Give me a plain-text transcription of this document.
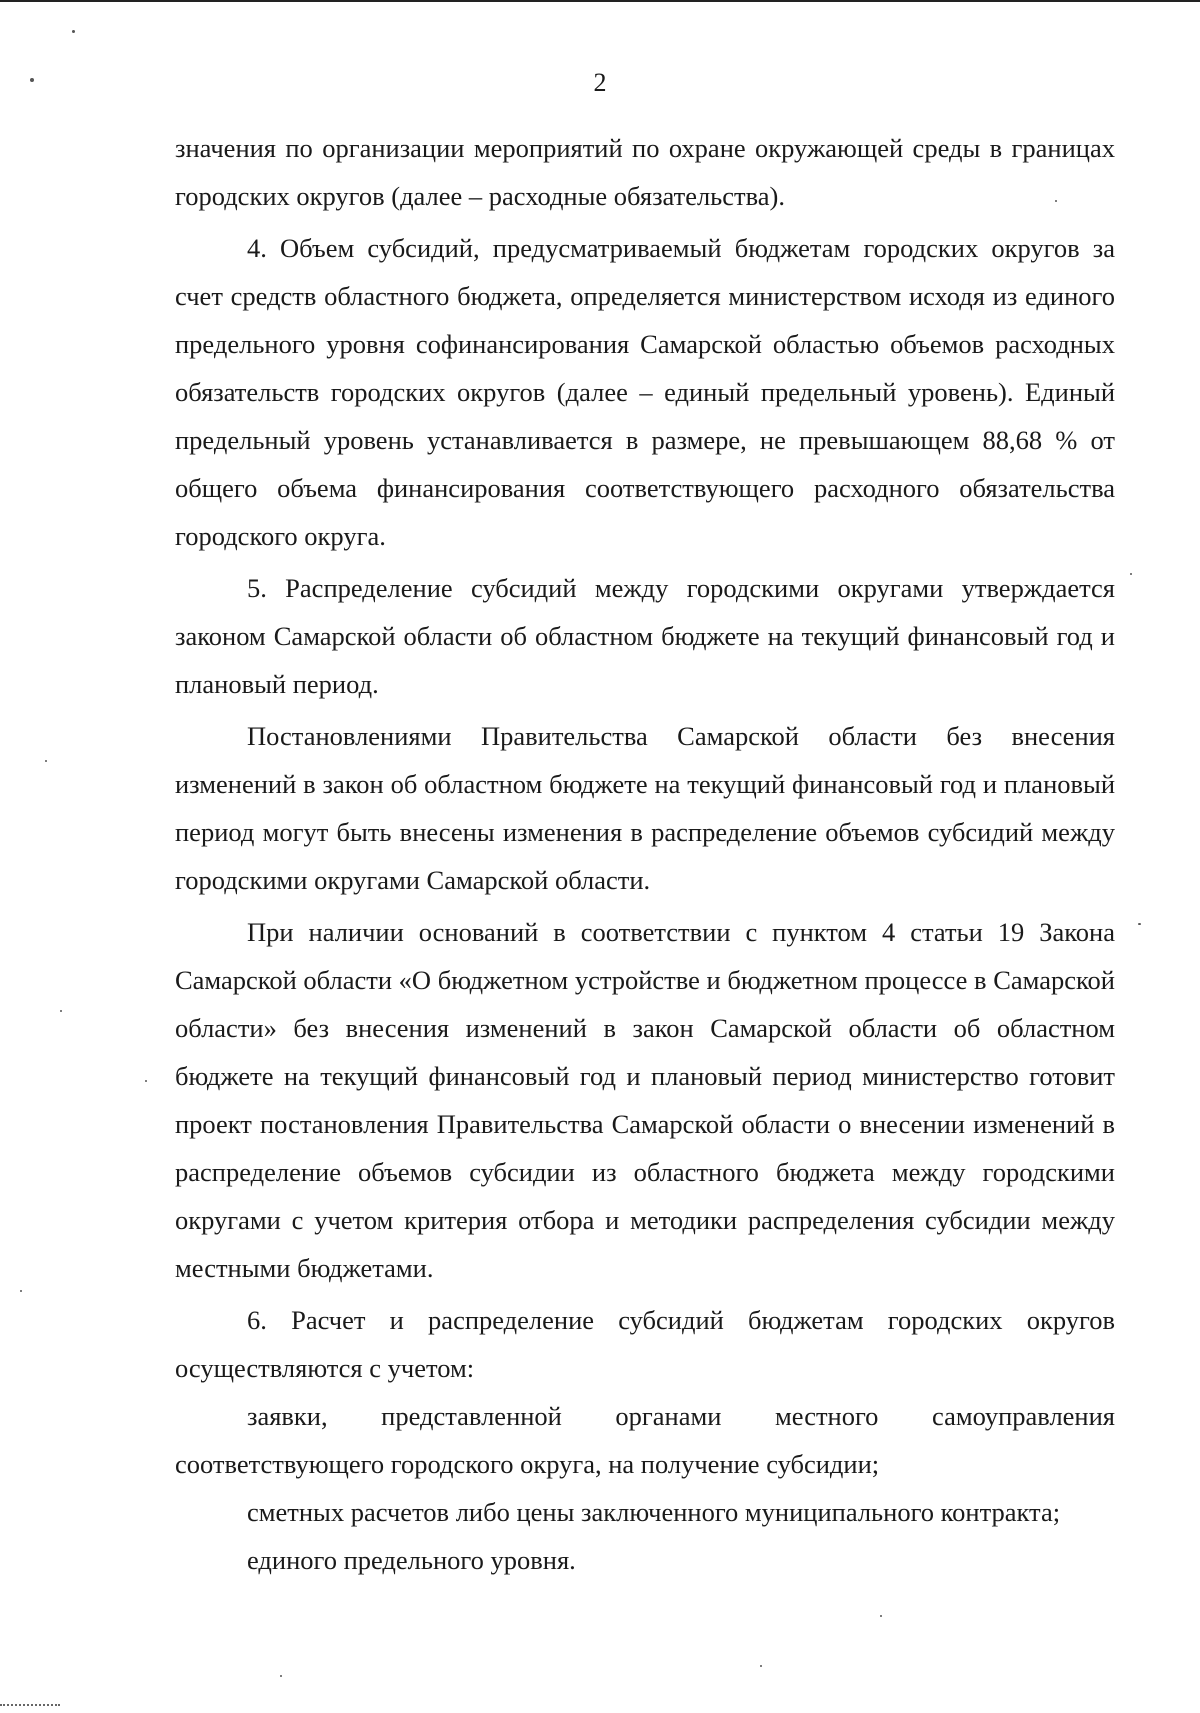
2

значения по организации мероприятий по охране окружающей среды в границах городских округов (далее – расходные обязательства).

4. Объем субсидий, предусматриваемый бюджетам городских округов за счет средств областного бюджета, определяется министерством исходя из единого предельного уровня софинансирования Самарской областью объемов расходных обязательств городских округов (далее – единый предельный уровень). Единый предельный уровень устанавливается в размере, не превышающем 88,68 % от общего объема финансирования соответствующего расходного обязательства городского округа.

5. Распределение субсидий между городскими округами утверждается законом Самарской области об областном бюджете на текущий финансовый год и плановый период.

Постановлениями Правительства Самарской области без внесения изменений в закон об областном бюджете на текущий финансовый год и плановый период могут быть внесены изменения в распределение объемов субсидий между городскими округами Самарской области.

При наличии оснований в соответствии с пунктом 4 статьи 19 Закона Самарской области «О бюджетном устройстве и бюджетном процессе в Самарской области» без внесения изменений в закон Самарской области об областном бюджете на текущий финансовый год и плановый период министерство готовит проект постановления Правительства Самарской области о внесении изменений в распределение объемов субсидии из областного бюджета между городскими округами с учетом критерия отбора и методики распределения субсидии между местными бюджетами.

6. Расчет и распределение субсидий бюджетам городских округов осуществляются с учетом:

заявки, представленной органами местного самоуправления соответствующего городского округа, на получение субсидии;

сметных расчетов либо цены заключенного муниципального контракта;

единого предельного уровня.
